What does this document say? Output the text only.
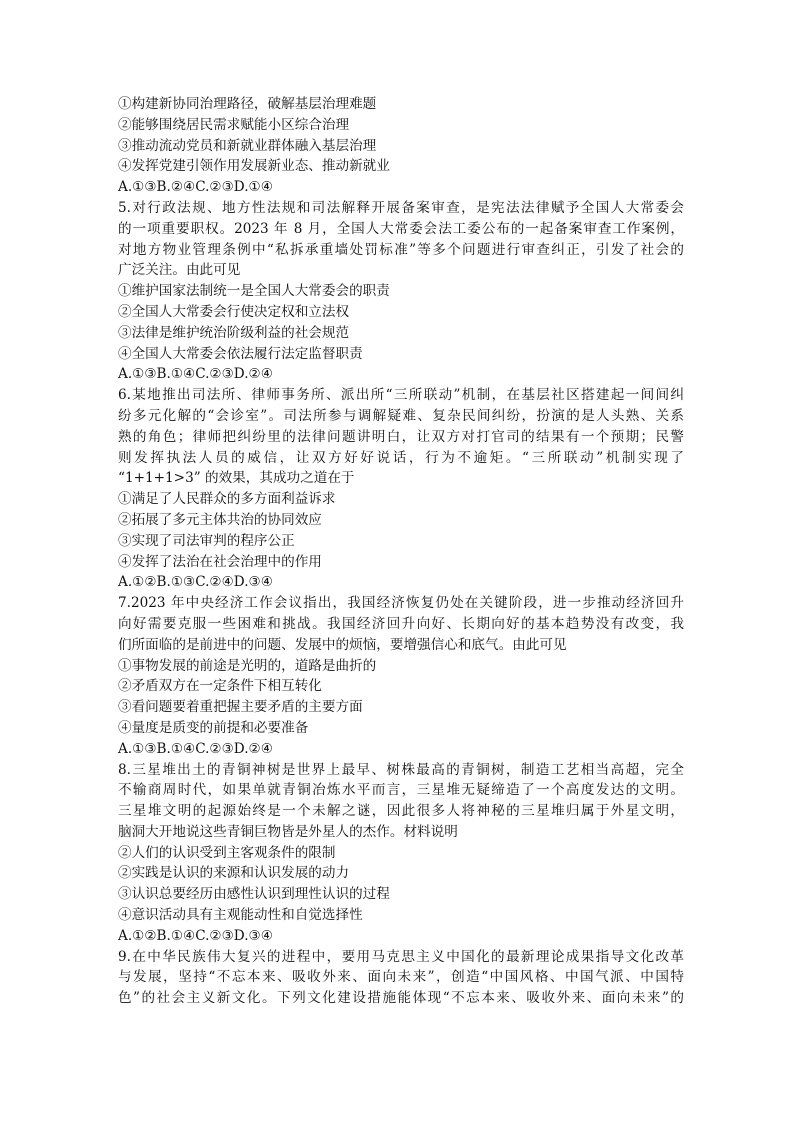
①构建新协同治理路径，破解基层治理难题
②能够围绕居民需求赋能小区综合治理
③推动流动党员和新就业群体融入基层治理
④发挥党建引领作用发展新业态、推动新就业
A.①③B.②④C.②③D.①④
5.对行政法规、地方性法规和司法解释开展备案审查，是宪法法律赋予全国人大常委会
的一项重要职权。2023 年 8 月，全国人大常委会法工委公布的一起备案审查工作案例，
对地方物业管理条例中“私拆承重墙处罚标准”等多个问题进行审查纠正，引发了社会的
广泛关注。由此可见
①维护国家法制统一是全国人大常委会的职责
②全国人大常委会行使决定权和立法权
③法律是维护统治阶级利益的社会规范
④全国人大常委会依法履行法定监督职责
A.①③B.①④C.②③D.②④
6.某地推出司法所、律师事务所、派出所“三所联动”机制，在基层社区搭建起一间间纠
纷多元化解的“会诊室”。司法所参与调解疑难、复杂民间纠纷，扮演的是人头熟、关系
熟的角色；律师把纠纷里的法律问题讲明白，让双方对打官司的结果有一个预期；民警
则发挥执法人员的威信，让双方好好说话，行为不逾矩。“三所联动”机制实现了
“1+1+1>3” 的效果，其成功之道在于
①满足了人民群众的多方面利益诉求
②拓展了多元主体共治的协同效应
③实现了司法审判的程序公正
④发挥了法治在社会治理中的作用
A.①②B.①③C.②④D.③④
7.2023 年中央经济工作会议指出，我国经济恢复仍处在关键阶段，进一步推动经济回升
向好需要克服一些困难和挑战。我国经济回升向好、长期向好的基本趋势没有改变，我
们所面临的是前进中的问题、发展中的烦恼，要增强信心和底气。由此可见
①事物发展的前途是光明的，道路是曲折的
②矛盾双方在一定条件下相互转化
③看问题要着重把握主要矛盾的主要方面
④量度是质变的前提和必要准备
A.①③B.①④C.②③D.②④
8.三星堆出土的青铜神树是世界上最早、树株最高的青铜树，制造工艺相当高超，完全
不输商周时代，如果单就青铜冶炼水平而言，三星堆无疑缔造了一个高度发达的文明。
三星堆文明的起源始终是一个未解之谜，因此很多人将神秘的三星堆归属于外星文明，
脑洞大开地说这些青铜巨物皆是外星人的杰作。材料说明
②人们的认识受到主客观条件的限制
②实践是认识的来源和认识发展的动力
③认识总要经历由感性认识到理性认识的过程
④意识活动具有主观能动性和自觉选择性
A.①②B.①④C.②③D.③④
9.在中华民族伟大复兴的进程中，要用马克思主义中国化的最新理论成果指导文化改革
与发展，坚持“不忘本来、吸收外来、面向未来”，创造“中国风格、中国气派、中国特
色”的社会主义新文化。下列文化建设措施能体现“不忘本来、吸收外来、面向未来”的
